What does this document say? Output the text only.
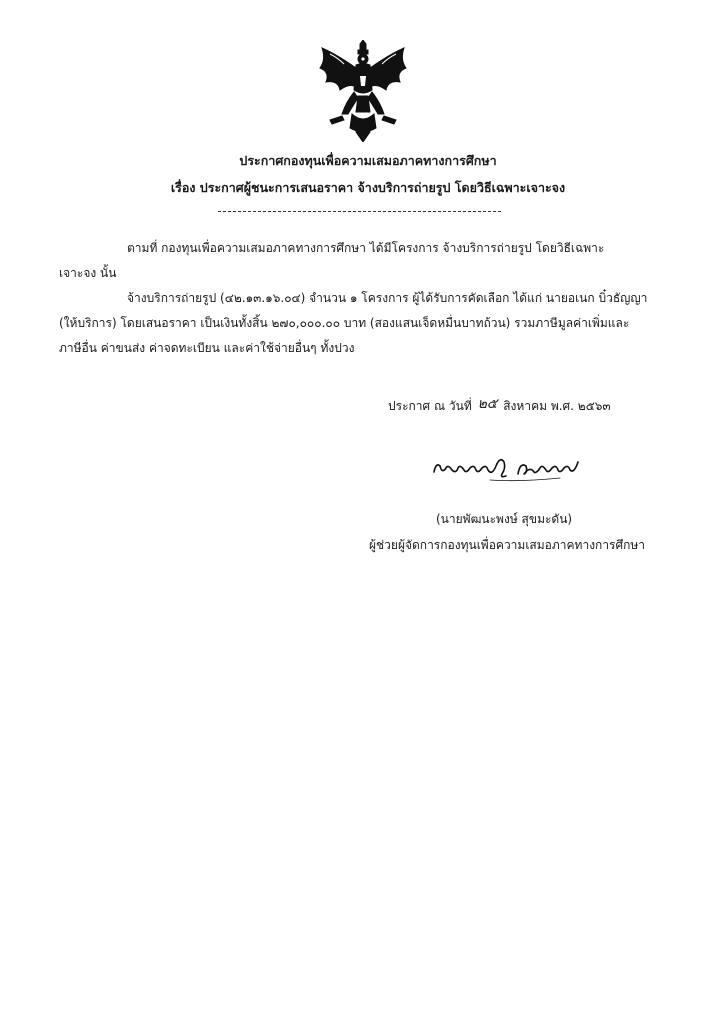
ประกาศกองทุนเพื่อความเสมอภาคทางการศึกษา
เรื่อง ประกาศผู้ชนะการเสนอราคา จ้างบริการถ่ายรูป โดยวิธีเฉพาะเจาะจง
ตามที่ กองทุนเพื่อความเสมอภาคทางการศึกษา ได้มีโครงการ จ้างบริการถ่ายรูป โดยวิธีเฉพาะ
เจาะจง นั้น
จ้างบริการถ่ายรูป (๔๒.๑๓.๑๖.๐๔) จำนวน ๑ โครงการ ผู้ได้รับการคัดเลือก ได้แก่ นายอเนก บิ๋วธัญญา
(ให้บริการ) โดยเสนอราคา เป็นเงินทั้งสิ้น ๒๗๐,๐๐๐.๐๐ บาท (สองแสนเจ็ดหมื่นบาทถ้วน) รวมภาษีมูลค่าเพิ่มและ
ภาษีอื่น ค่าขนส่ง ค่าจดทะเบียน และค่าใช้จ่ายอื่นๆ ทั้งปวง
ประกาศ ณ วันที่ ๒๕ สิงหาคม พ.ศ. ๒๕๖๓
(นายพัฒนะพงษ์ สุขมะดัน)
ผู้ช่วยผู้จัดการกองทุนเพื่อความเสมอภาคทางการศึกษา
